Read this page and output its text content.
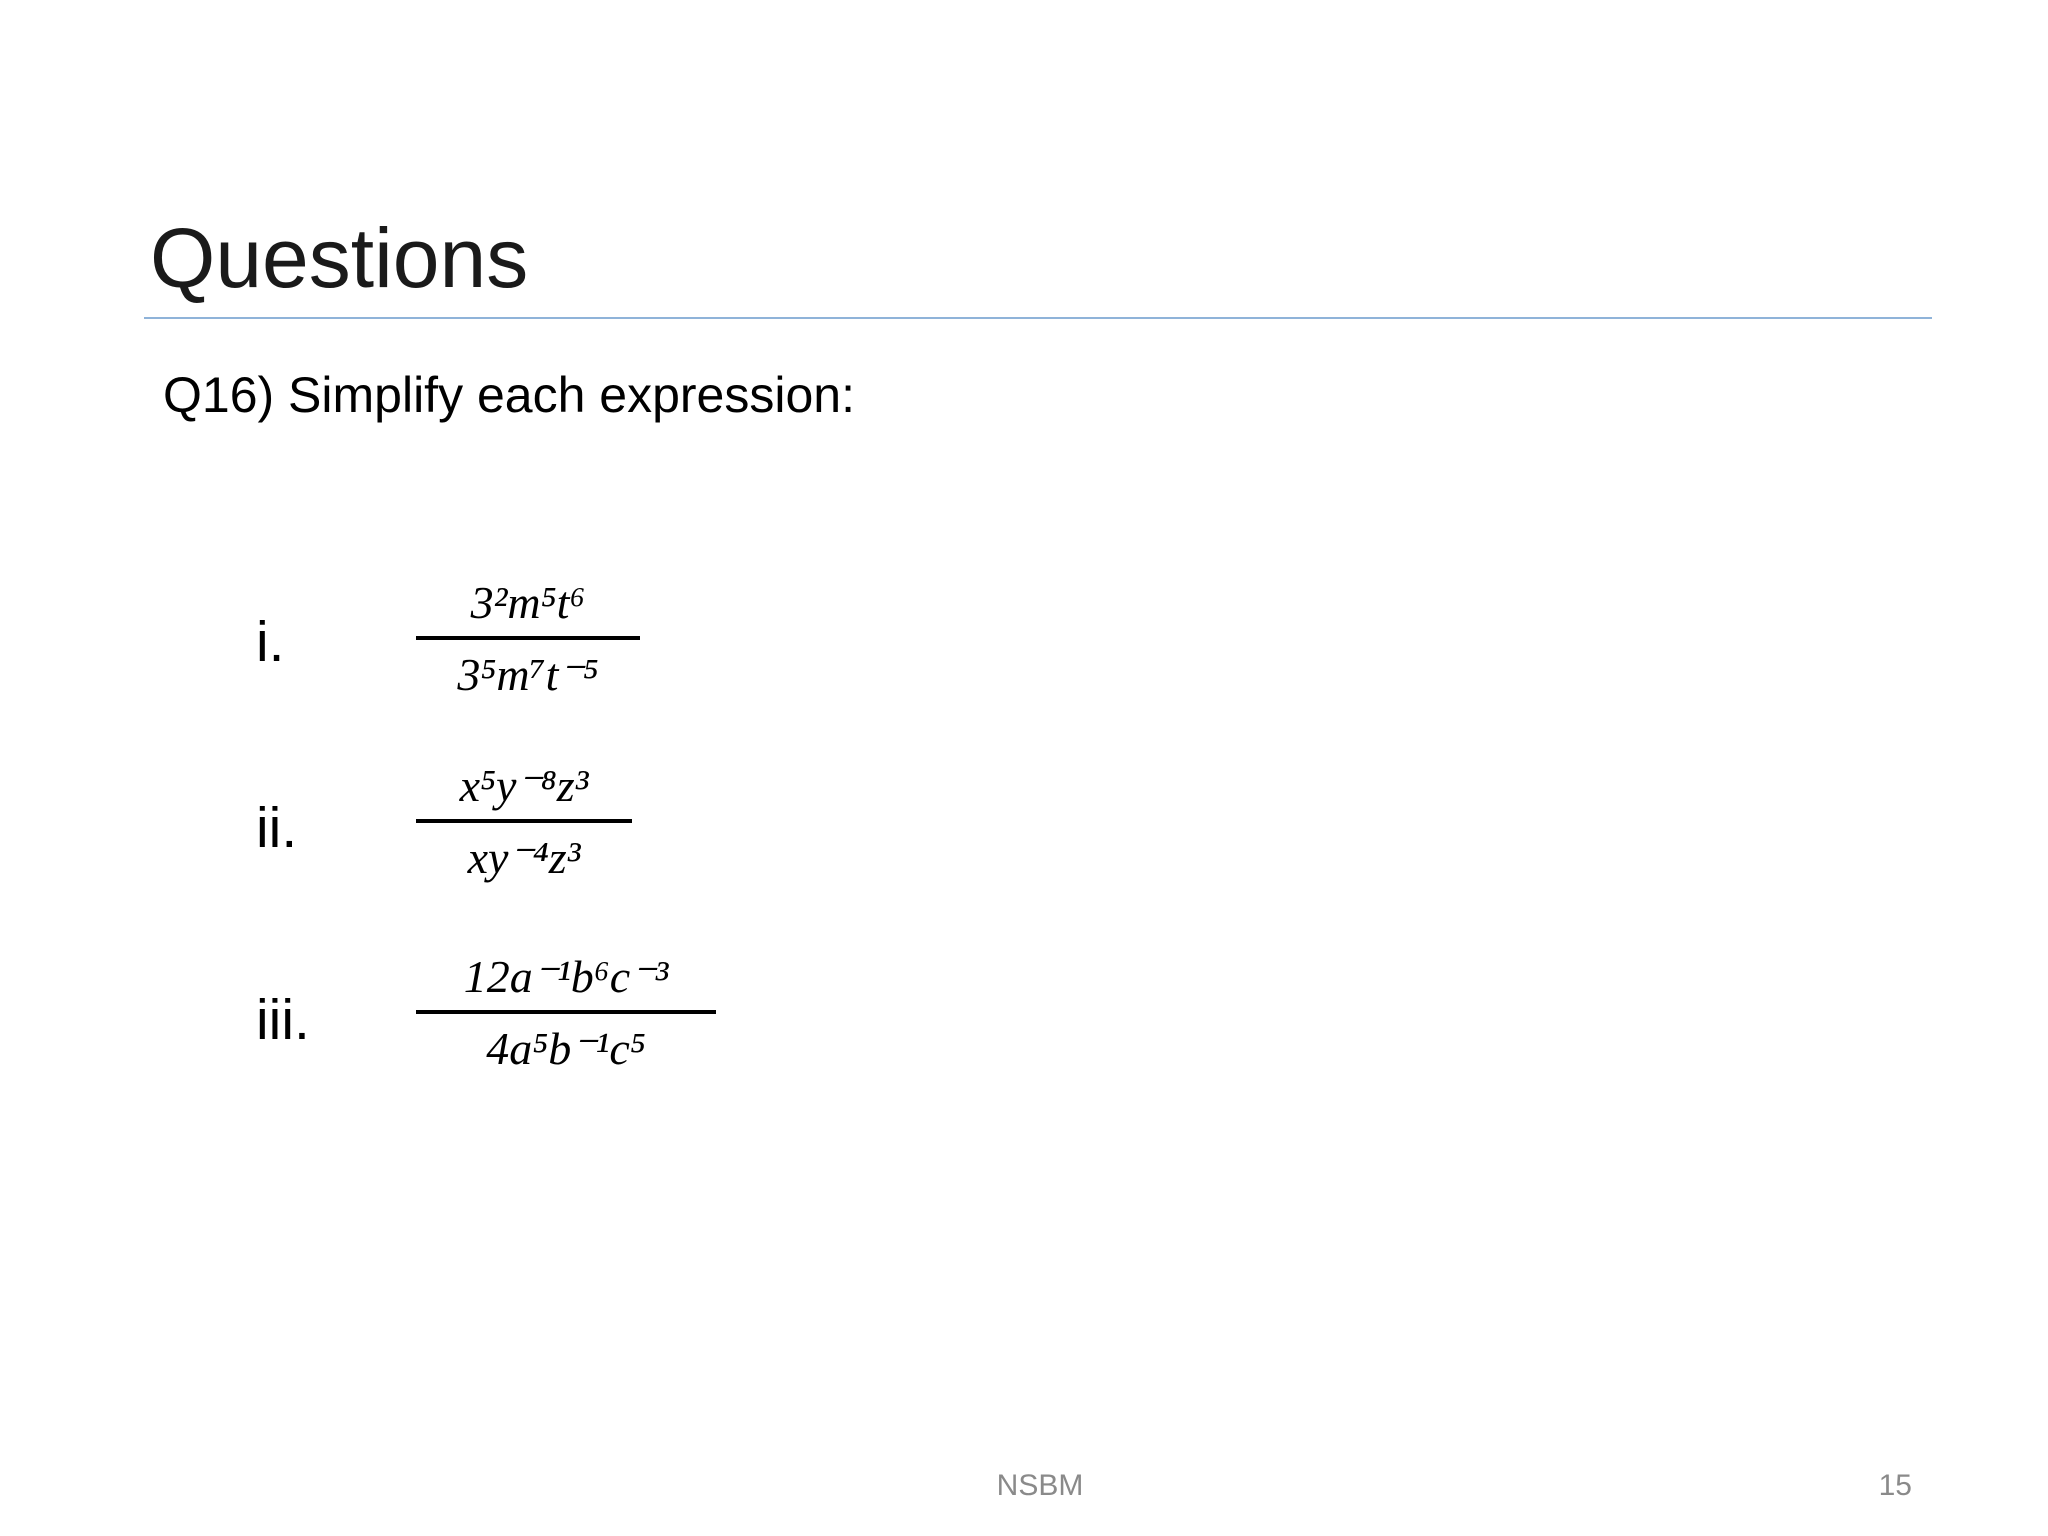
Questions
Q16) Simplify each expression:
i.
3²m⁵t⁶
3⁵m⁷t⁻⁵
ii.
x⁵y⁻⁸z³
xy⁻⁴z³
iii.
12a⁻¹b⁶c⁻³
4a⁵b⁻¹c⁵
NSBM	15
